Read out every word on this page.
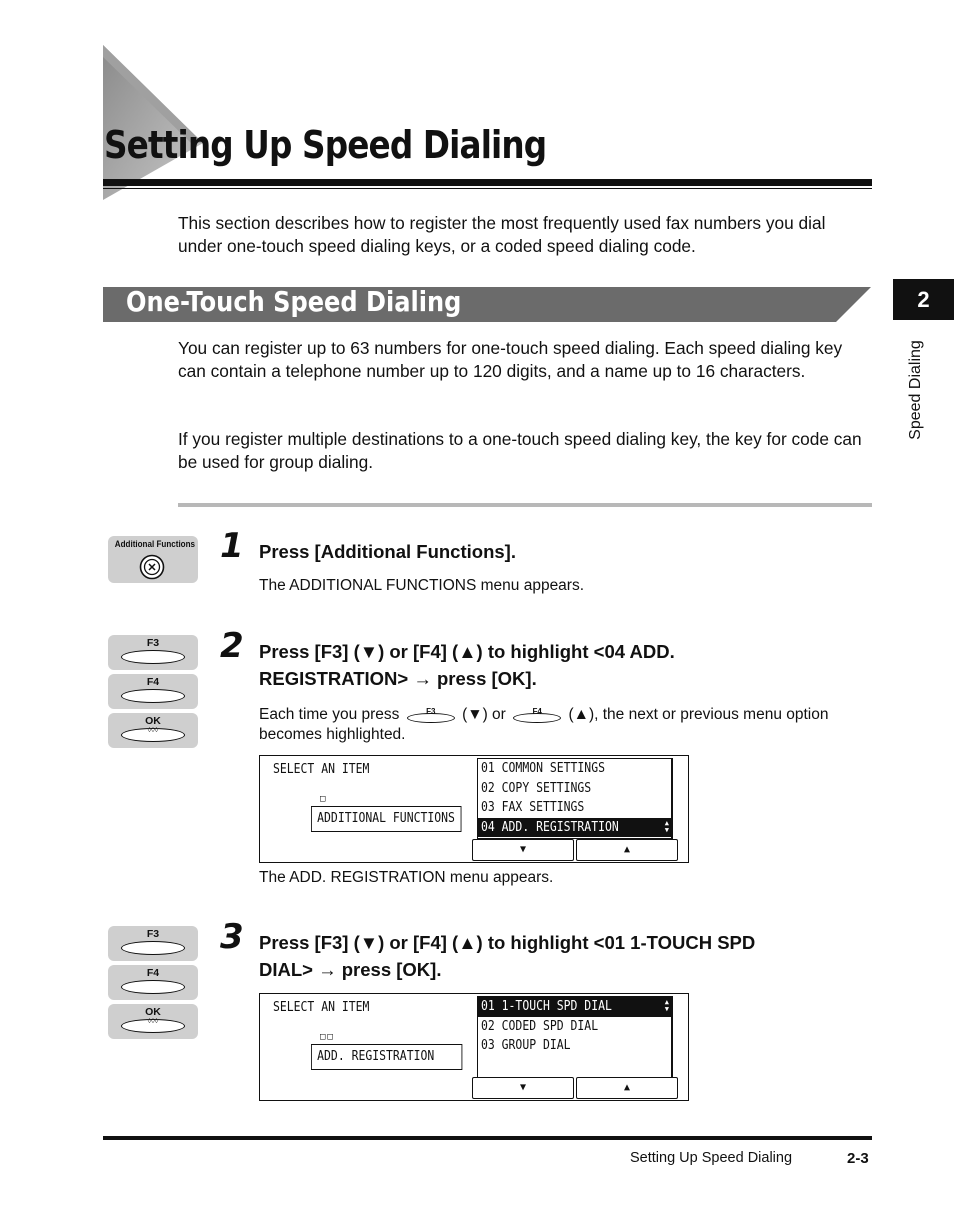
Setting Up Speed Dialing

This section describes how to register the most frequently used fax numbers you dial under one-touch speed dialing keys, or a coded speed dialing code.

One-Touch Speed Dialing

You can register up to 63 numbers for one-touch speed dialing. Each speed dialing key can contain a telephone number up to 120 digits, and a name up to 16 characters.

If you register multiple destinations to a one-touch speed dialing key, the key for code can be used for group dialing.

2
Speed Dialing
Additional Functions 1 Press [Additional Functions].
The ADDITIONAL FUNCTIONS menu appears.
F3
F4
OK
◊◊◊
2 Press [F3] (▼) or [F4] (▲) to highlight <04 ADD.
REGISTRATION> → press [OK].
Each time you press	F3	(▼) or	F4	(▲), the next or previous menu option
becomes highlighted.
SELECT AN ITEM
□
ADDITIONAL FUNCTIONS
01 COMMON SETTINGS
02 COPY SETTINGS
03 FAX SETTINGS
04 ADD. REGISTRATION	▲
▼
▼	▲
The ADD. REGISTRATION menu appears.
F3
F4
OK
◊◊◊
3 Press [F3] (▼) or [F4] (▲) to highlight <01 1-TOUCH SPD
DIAL> → press [OK].
SELECT AN ITEM
□□
ADD. REGISTRATION
01 1-TOUCH SPD DIAL	▲
▼
02 CODED SPD DIAL
03 GROUP DIAL
▼	▲
Setting Up Speed Dialing	2-3
